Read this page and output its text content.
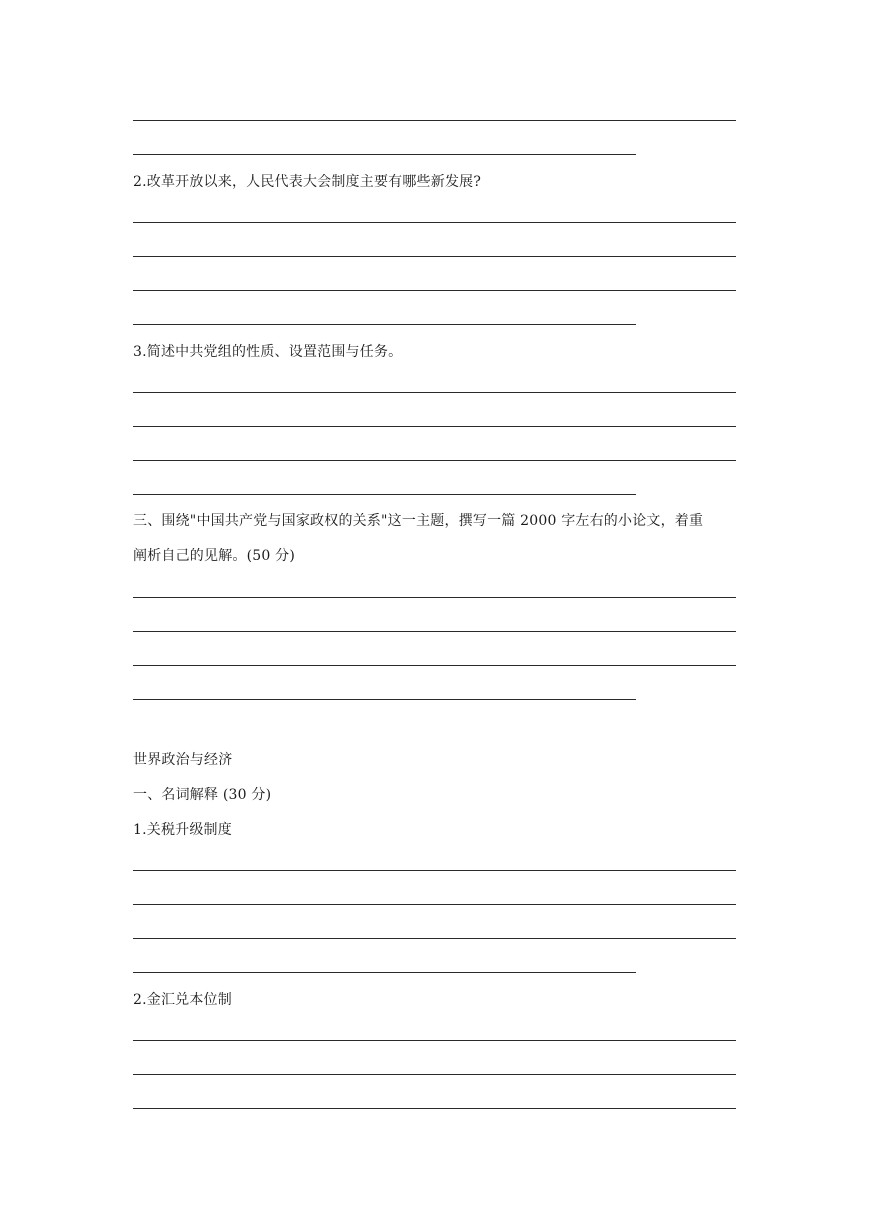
2.改革开放以来，人民代表大会制度主要有哪些新发展?
3.简述中共党组的性质、设置范围与任务。
三、围绕"中国共产党与国家政权的关系"这一主题，撰写一篇 2000 字左右的小论文，着重
阐析自己的见解。(50 分)
世界政治与经济
一、名词解释 (30 分)
1.关税升级制度
2.金汇兑本位制
